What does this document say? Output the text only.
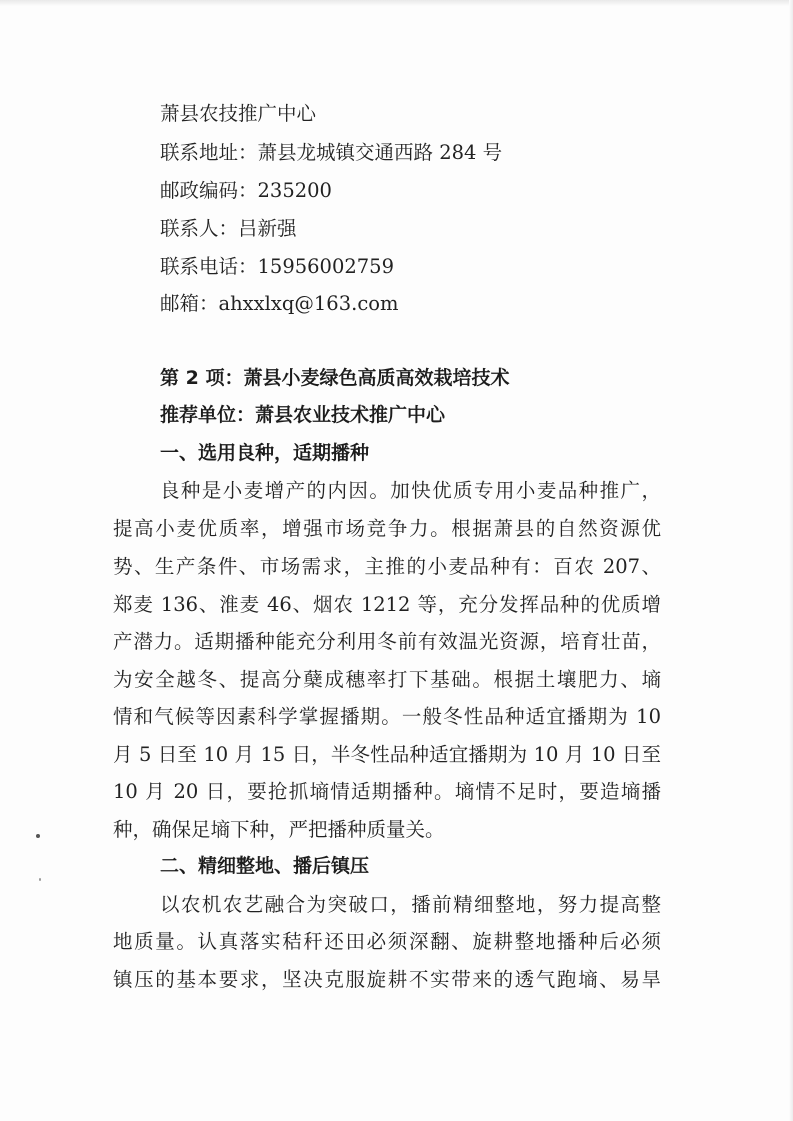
萧县农技推广中心
联系地址：萧县龙城镇交通西路 284 号
邮政编码：235200
联系人：吕新强
联系电话：15956002759
邮箱：ahxxlxq@163.com
第 2 项：萧县小麦绿色高质高效栽培技术
推荐单位：萧县农业技术推广中心
一、选用良种，适期播种
良种是小麦增产的内因。加快优质专用小麦品种推广，
提高小麦优质率，增强市场竞争力。根据萧县的自然资源优
势、生产条件、市场需求，主推的小麦品种有：百农 207、
郑麦 136、淮麦 46、烟农 1212 等，充分发挥品种的优质增
产潜力。适期播种能充分利用冬前有效温光资源，培育壮苗，
为安全越冬、提高分蘖成穗率打下基础。根据土壤肥力、墒
情和气候等因素科学掌握播期。一般冬性品种适宜播期为 10
月 5 日至 10 月 15 日，半冬性品种适宜播期为 10 月 10 日至
10 月 20 日，要抢抓墒情适期播种。墒情不足时，要造墒播
种，确保足墒下种，严把播种质量关。
二、精细整地、播后镇压
以农机农艺融合为突破口，播前精细整地，努力提高整
地质量。认真落实秸秆还田必须深翻、旋耕整地播种后必须
镇压的基本要求，坚决克服旋耕不实带来的透气跑墒、易旱
